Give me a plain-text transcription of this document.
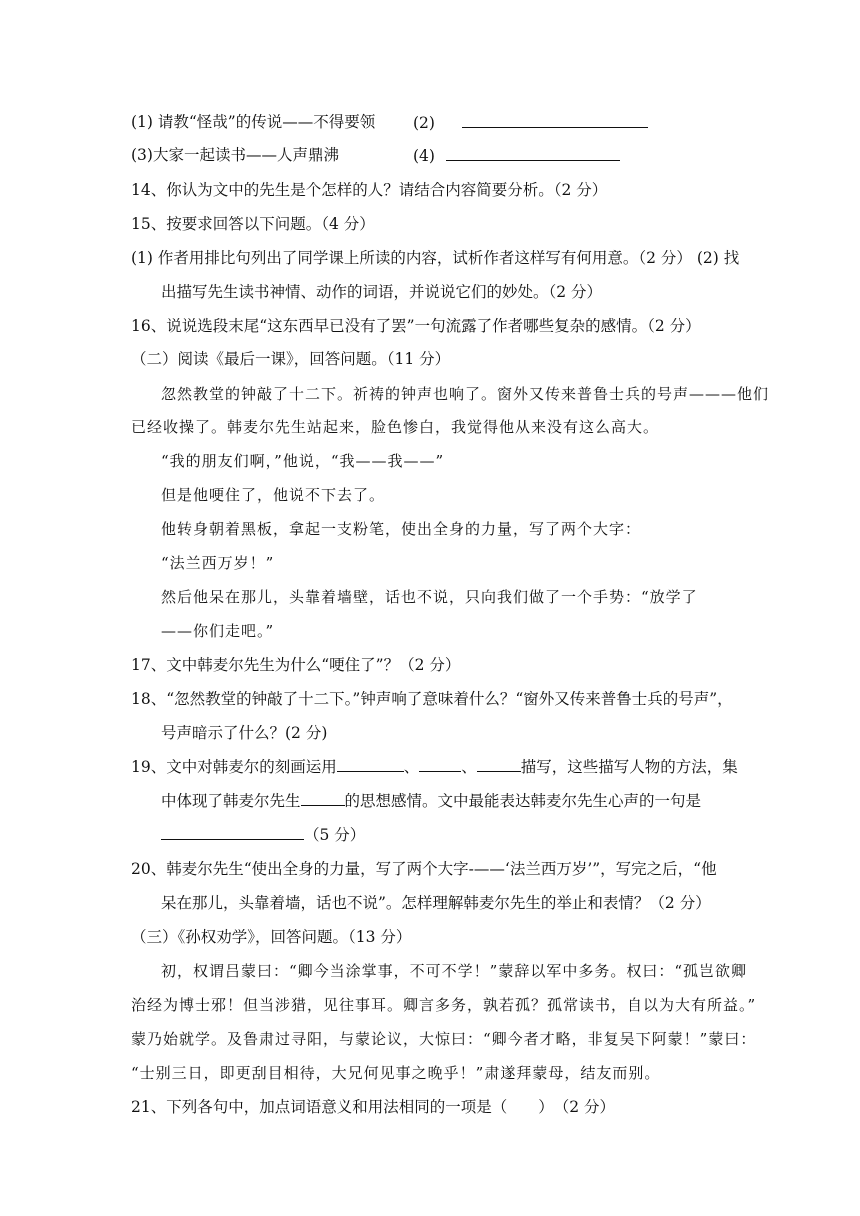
(1) 请教“怪哉”的传说——不得要领 (2)
(3)大家一起读书——人声鼎沸	(4)
14、你认为文中的先生是个怎样的人？请结合内容简要分析。（2 分）
15、按要求回答以下问题。（4 分）
(1) 作者用排比句列出了同学课上所读的内容，试析作者这样写有何用意。（2 分） (2) 找
出描写先生读书神情、动作的词语，并说说它们的妙处。（2 分）
16、说说选段末尾“这东西早已没有了罢”一句流露了作者哪些复杂的感情。（2 分）
（二）阅读《最后一课》，回答问题。（11 分）
忽然教堂的钟敲了十二下。祈祷的钟声也响了。窗外又传来普鲁士兵的号声———他们
已经收操了。韩麦尔先生站起来，脸色惨白，我觉得他从来没有这么高大。
“我的朋友们啊，”他说，“我——我——”
但是他哽住了，他说不下去了。
他转身朝着黑板，拿起一支粉笔，使出全身的力量，写了两个大字：
“法兰西万岁！”
然后他呆在那儿，头靠着墙壁，话也不说，只向我们做了一个手势：“放学了
——你们走吧。”
17、文中韩麦尔先生为什么“哽住了”？（2 分）
18、“忽然教堂的钟敲了十二下。”钟声响了意味着什么？“窗外又传来普鲁士兵的号声”，
号声暗示了什么？(2 分)
19、文中对韩麦尔的刻画运用	、	、	描写，这些描写人物的方法，集
中体现了韩麦尔先生	的思想感情。文中最能表达韩麦尔先生心声的一句是
（5 分）
20、韩麦尔先生“使出全身的力量，写了两个大字-——‘法兰西万岁’”，写完之后，“他
呆在那儿，头靠着墙，话也不说”。怎样理解韩麦尔先生的举止和表情？（2 分）
（三）《孙权劝学》，回答问题。（13 分）
初，权谓吕蒙曰：“卿今当涂掌事，不可不学！”蒙辞以军中多务。权曰：“孤岂欲卿
治经为博士邪！但当涉猎，见往事耳。卿言多务，孰若孤？孤常读书，自以为大有所益。”
蒙乃始就学。及鲁肃过寻阳，与蒙论议，大惊曰：“卿今者才略，非复吴下阿蒙！”蒙曰：
“士别三日，即更刮目相待，大兄何见事之晚乎！”肃遂拜蒙母，结友而别。
21、下列各句中，加点词语意义和用法相同的一项是（　　）　（2 分）
